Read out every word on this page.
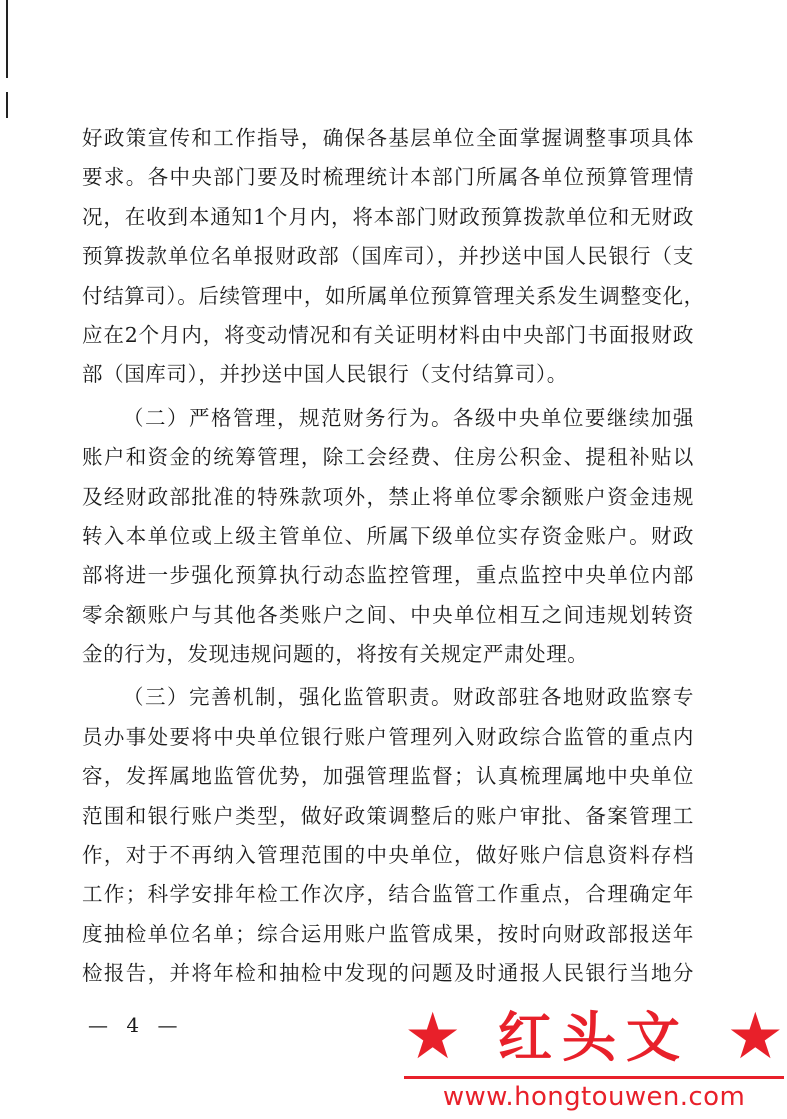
好政策宣传和工作指导，确保各基层单位全面掌握调整事项具体
要求。各中央部门要及时梳理统计本部门所属各单位预算管理情
况，在收到本通知1个月内，将本部门财政预算拨款单位和无财政
预算拨款单位名单报财政部（国库司），并抄送中国人民银行（支
付结算司）。后续管理中，如所属单位预算管理关系发生调整变化，
应在2个月内，将变动情况和有关证明材料由中央部门书面报财政
部（国库司），并抄送中国人民银行（支付结算司）。
（二）严格管理，规范财务行为。各级中央单位要继续加强
账户和资金的统筹管理，除工会经费、住房公积金、提租补贴以
及经财政部批准的特殊款项外，禁止将单位零余额账户资金违规
转入本单位或上级主管单位、所属下级单位实存资金账户。财政
部将进一步强化预算执行动态监控管理，重点监控中央单位内部
零余额账户与其他各类账户之间、中央单位相互之间违规划转资
金的行为，发现违规问题的，将按有关规定严肃处理。
（三）完善机制，强化监管职责。财政部驻各地财政监察专
员办事处要将中央单位银行账户管理列入财政综合监管的重点内
容，发挥属地监管优势，加强管理监督；认真梳理属地中央单位
范围和银行账户类型，做好政策调整后的账户审批、备案管理工
作，对于不再纳入管理范围的中央单位，做好账户信息资料存档
工作；科学安排年检工作次序，结合监管工作重点，合理确定年
度抽检单位名单；综合运用账户监管成果，按时向财政部报送年
检报告，并将年检和抽检中发现的问题及时通报人民银行当地分
— 4 —	★ 红头文 ★
www.hongtouwen.com
